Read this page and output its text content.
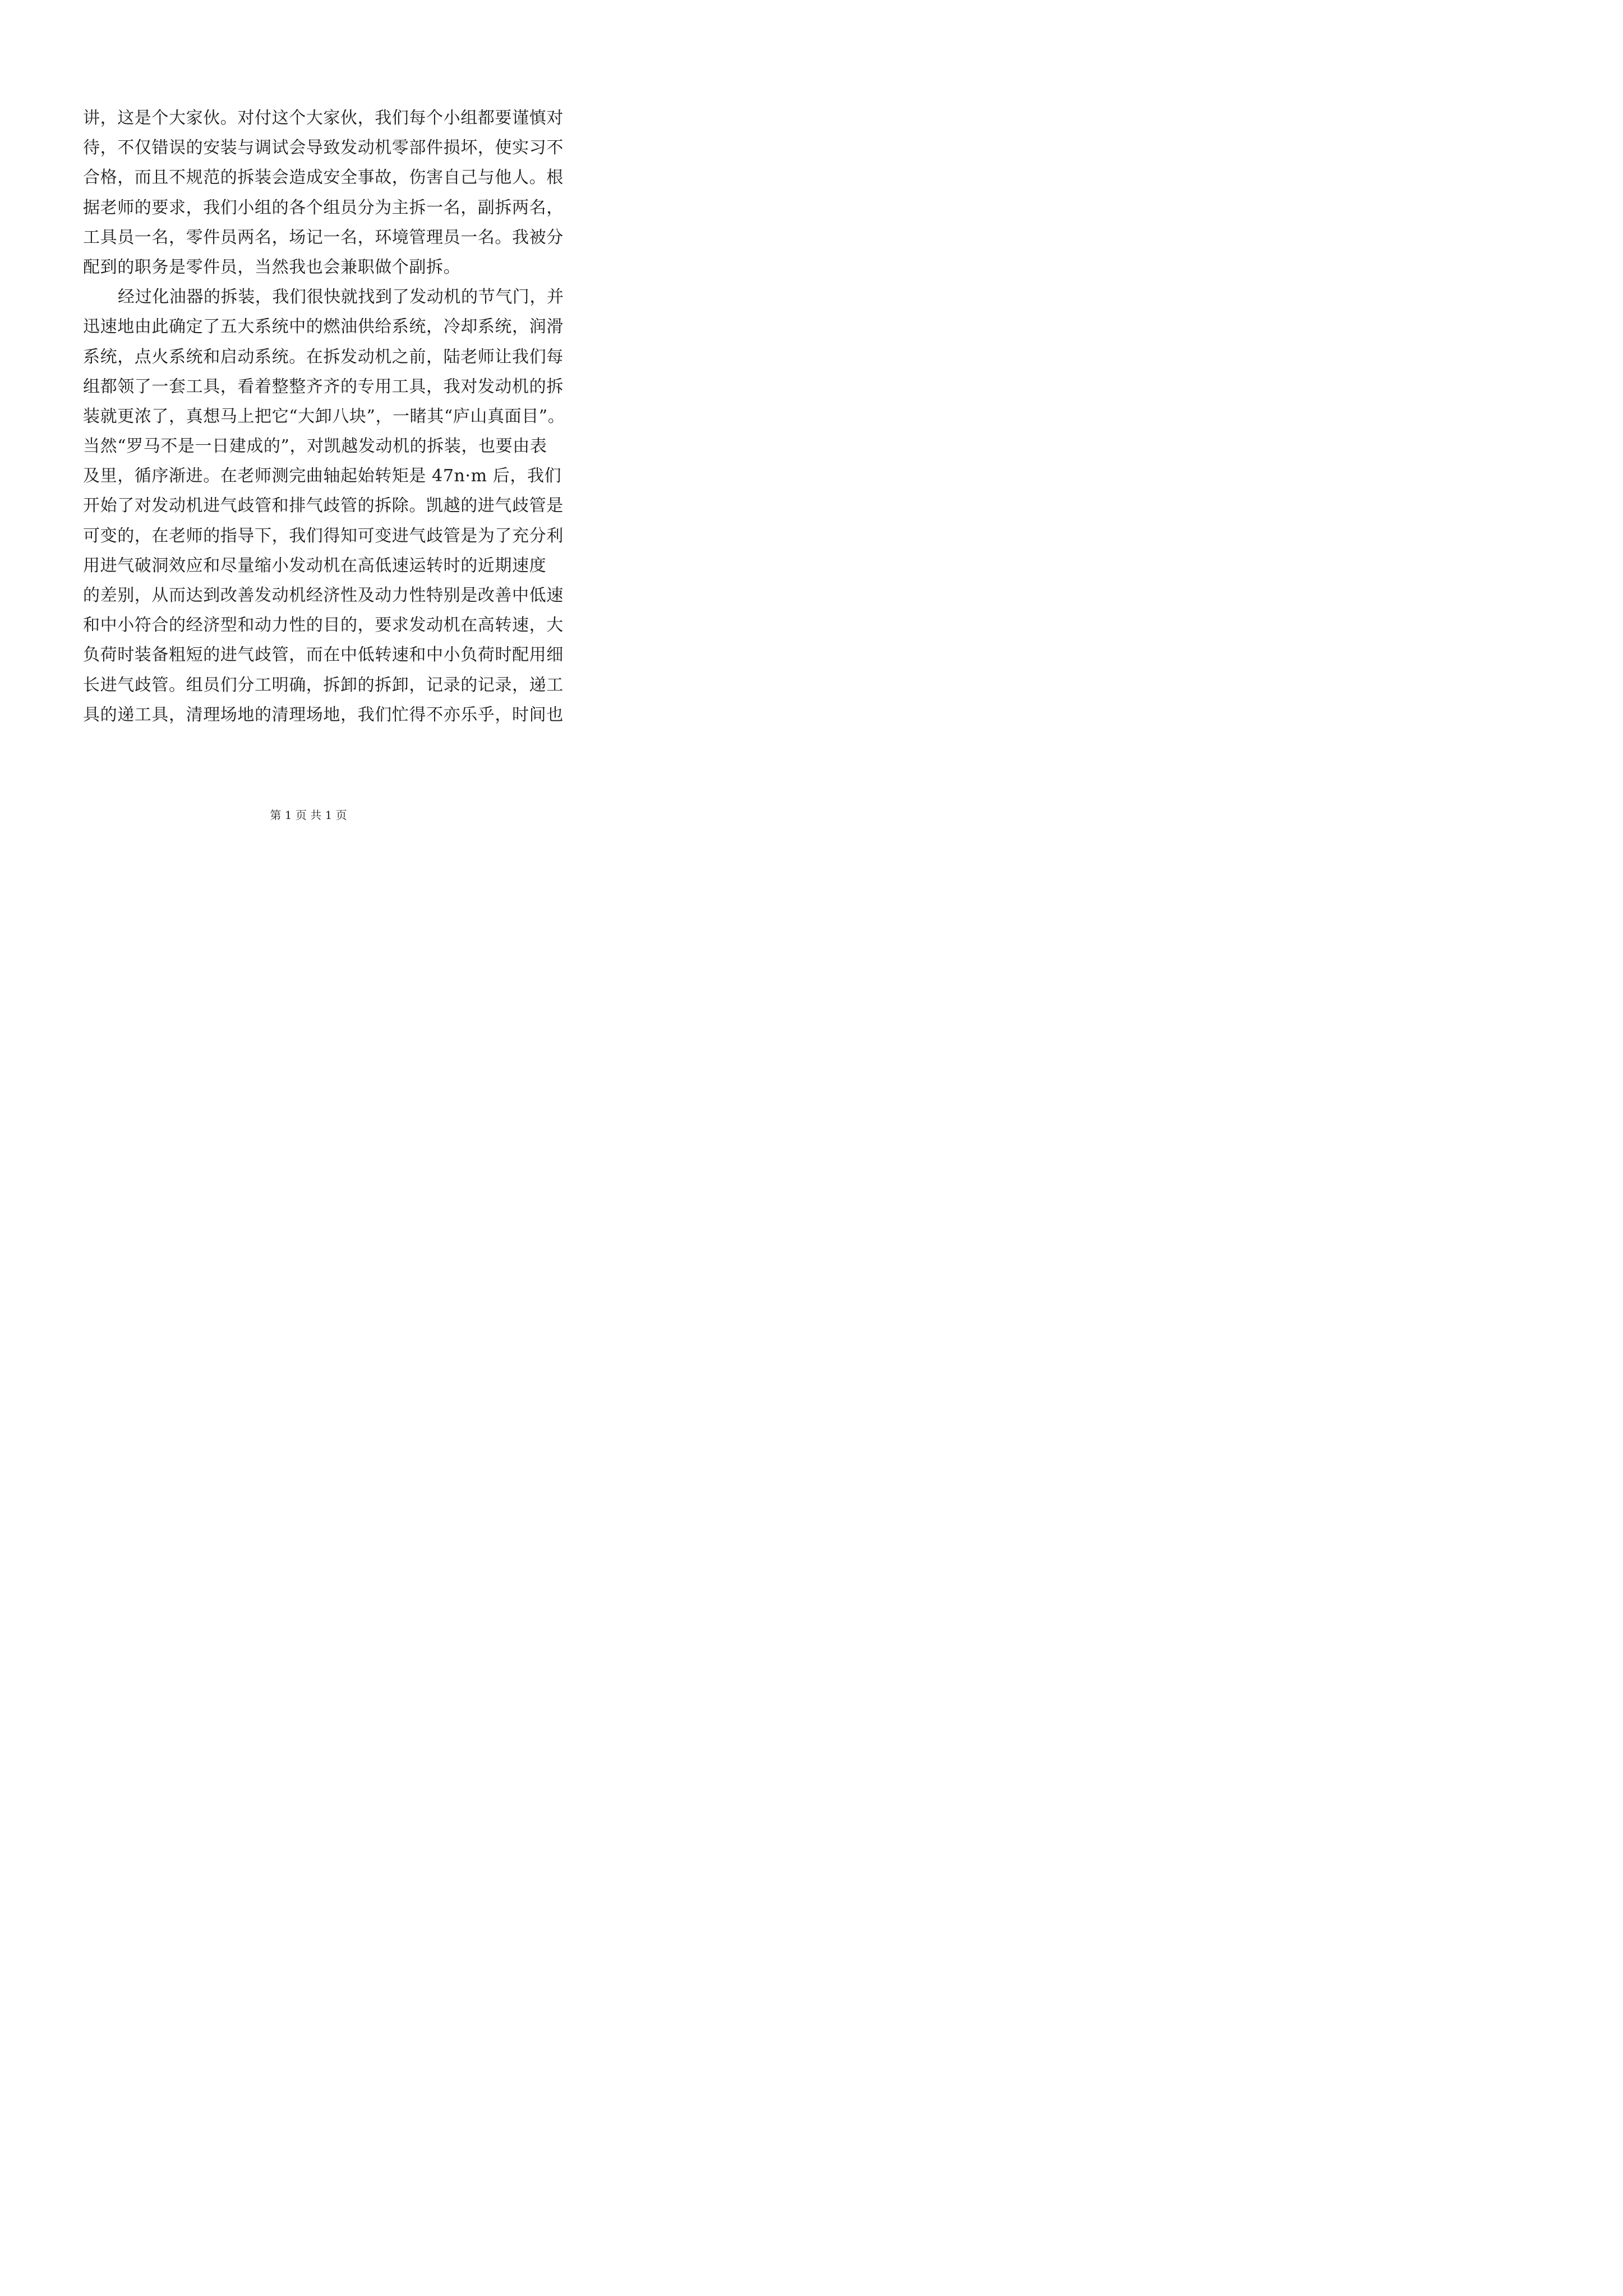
讲，这是个大家伙。对付这个大家伙，我们每个小组都要谨慎对
待，不仅错误的安装与调试会导致发动机零部件损坏，使实习不
合格，而且不规范的拆装会造成安全事故，伤害自己与他人。根
据老师的要求，我们小组的各个组员分为主拆一名，副拆两名，
工具员一名，零件员两名，场记一名，环境管理员一名。我被分
配到的职务是零件员，当然我也会兼职做个副拆。
经过化油器的拆装，我们很快就找到了发动机的节气门，并
迅速地由此确定了五大系统中的燃油供给系统，冷却系统，润滑
系统，点火系统和启动系统。在拆发动机之前，陆老师让我们每
组都领了一套工具，看着整整齐齐的专用工具，我对发动机的拆
装就更浓了，真想马上把它“大卸八块”，一睹其“庐山真面目”。
当然“罗马不是一日建成的”，对凯越发动机的拆装，也要由表
及里，循序渐进。在老师测完曲轴起始转矩是 47n·m 后，我们
开始了对发动机进气歧管和排气歧管的拆除。凯越的进气歧管是
可变的，在老师的指导下，我们得知可变进气歧管是为了充分利
用进气破洞效应和尽量缩小发动机在高低速运转时的近期速度
的差别，从而达到改善发动机经济性及动力性特别是改善中低速
和中小符合的经济型和动力性的目的，要求发动机在高转速，大
负荷时装备粗短的进气歧管，而在中低转速和中小负荷时配用细
长进气歧管。组员们分工明确，拆卸的拆卸，记录的记录，递工
具的递工具，清理场地的清理场地，我们忙得不亦乐乎，时间也
第 1 页 共 1 页
